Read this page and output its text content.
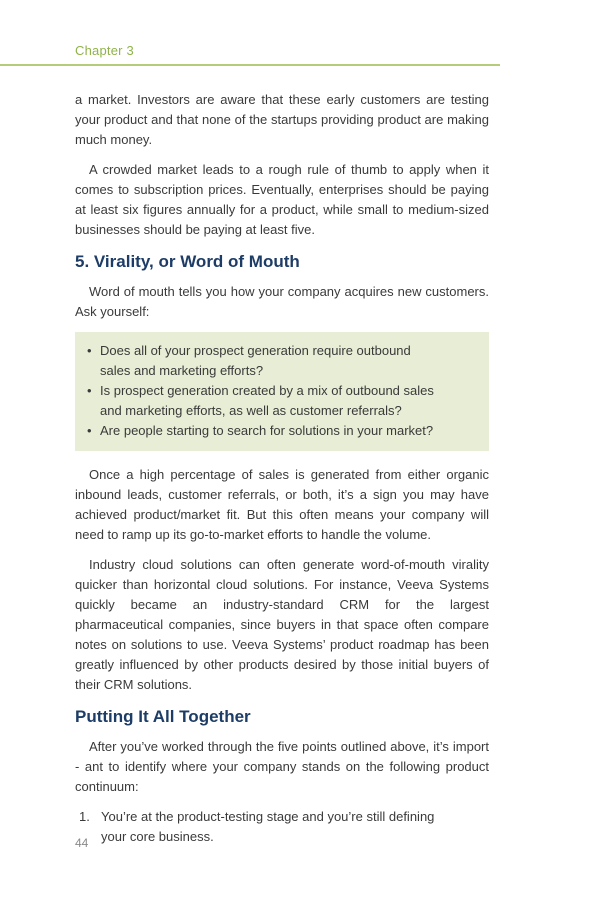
Chapter 3

a market. Investors are aware that these early customers are testing your product and that none of the startups providing product are making much money.

A crowded market leads to a rough rule of thumb to apply when it comes to subscription prices. Eventually, enterprises should be paying at least six figures annually for a product, while small to medium-sized businesses should be paying at least five.

5. Virality, or Word of Mouth

Word of mouth tells you how your company acquires new customers. Ask yourself:

• Does all of your prospect generation require outbound sales and marketing efforts?
• Is prospect generation created by a mix of outbound sales and marketing efforts, as well as customer referrals?
• Are people starting to search for solutions in your market?

Once a high percentage of sales is generated from either organic inbound leads, customer referrals, or both, it’s a sign you may have achieved product/market fit. But this often means your company will need to ramp up its go-to-market efforts to handle the volume.

Industry cloud solutions can often generate word-of-mouth virality quicker than horizontal cloud solutions. For instance, Veeva Systems quickly became an industry-standard CRM for the largest pharmaceutical companies, since buyers in that space often compare notes on solutions to use. Veeva Systems’ product roadmap has been greatly influenced by other products desired by those initial buyers of their CRM solutions.

Putting It All Together

After you’ve worked through the five points outlined above, it’s import - ant to identify where your company stands on the following product continuum:

1. You’re at the product-testing stage and you’re still defining your core business.
44
